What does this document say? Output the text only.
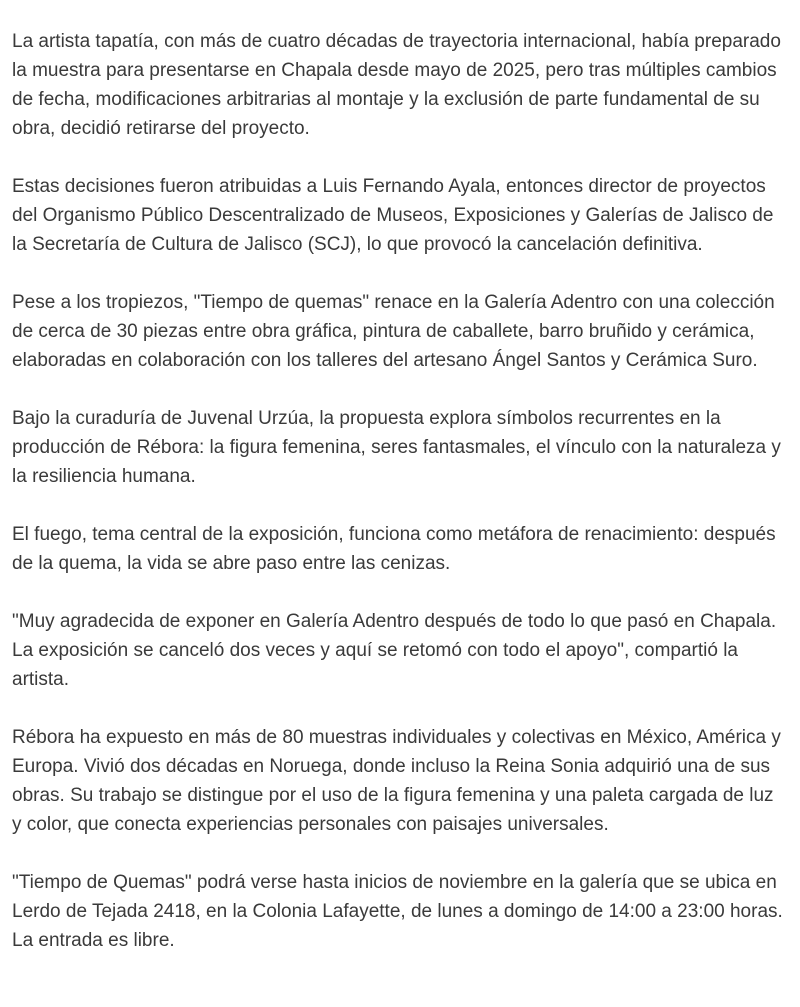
La artista tapatía, con más de cuatro décadas de trayectoria internacional, había preparado la muestra para presentarse en Chapala desde mayo de 2025, pero tras múltiples cambios de fecha, modificaciones arbitrarias al montaje y la exclusión de parte fundamental de su obra, decidió retirarse del proyecto.

Estas decisiones fueron atribuidas a Luis Fernando Ayala, entonces director de proyectos del Organismo Público Descentralizado de Museos, Exposiciones y Galerías de Jalisco de la Secretaría de Cultura de Jalisco (SCJ), lo que provocó la cancelación definitiva.

Pese a los tropiezos, "Tiempo de quemas" renace en la Galería Adentro con una colección de cerca de 30 piezas entre obra gráfica, pintura de caballete, barro bruñido y cerámica, elaboradas en colaboración con los talleres del artesano Ángel Santos y Cerámica Suro.

Bajo la curaduría de Juvenal Urzúa, la propuesta explora símbolos recurrentes en la producción de Rébora: la figura femenina, seres fantasmales, el vínculo con la naturaleza y la resiliencia humana.

El fuego, tema central de la exposición, funciona como metáfora de renacimiento: después de la quema, la vida se abre paso entre las cenizas.

"Muy agradecida de exponer en Galería Adentro después de todo lo que pasó en Chapala. La exposición se canceló dos veces y aquí se retomó con todo el apoyo", compartió la artista.

Rébora ha expuesto en más de 80 muestras individuales y colectivas en México, América y Europa. Vivió dos décadas en Noruega, donde incluso la Reina Sonia adquirió una de sus obras. Su trabajo se distingue por el uso de la figura femenina y una paleta cargada de luz y color, que conecta experiencias personales con paisajes universales.

"Tiempo de Quemas" podrá verse hasta inicios de noviembre en la galería que se ubica en Lerdo de Tejada 2418, en la Colonia Lafayette, de lunes a domingo de 14:00 a 23:00 horas. La entrada es libre.
